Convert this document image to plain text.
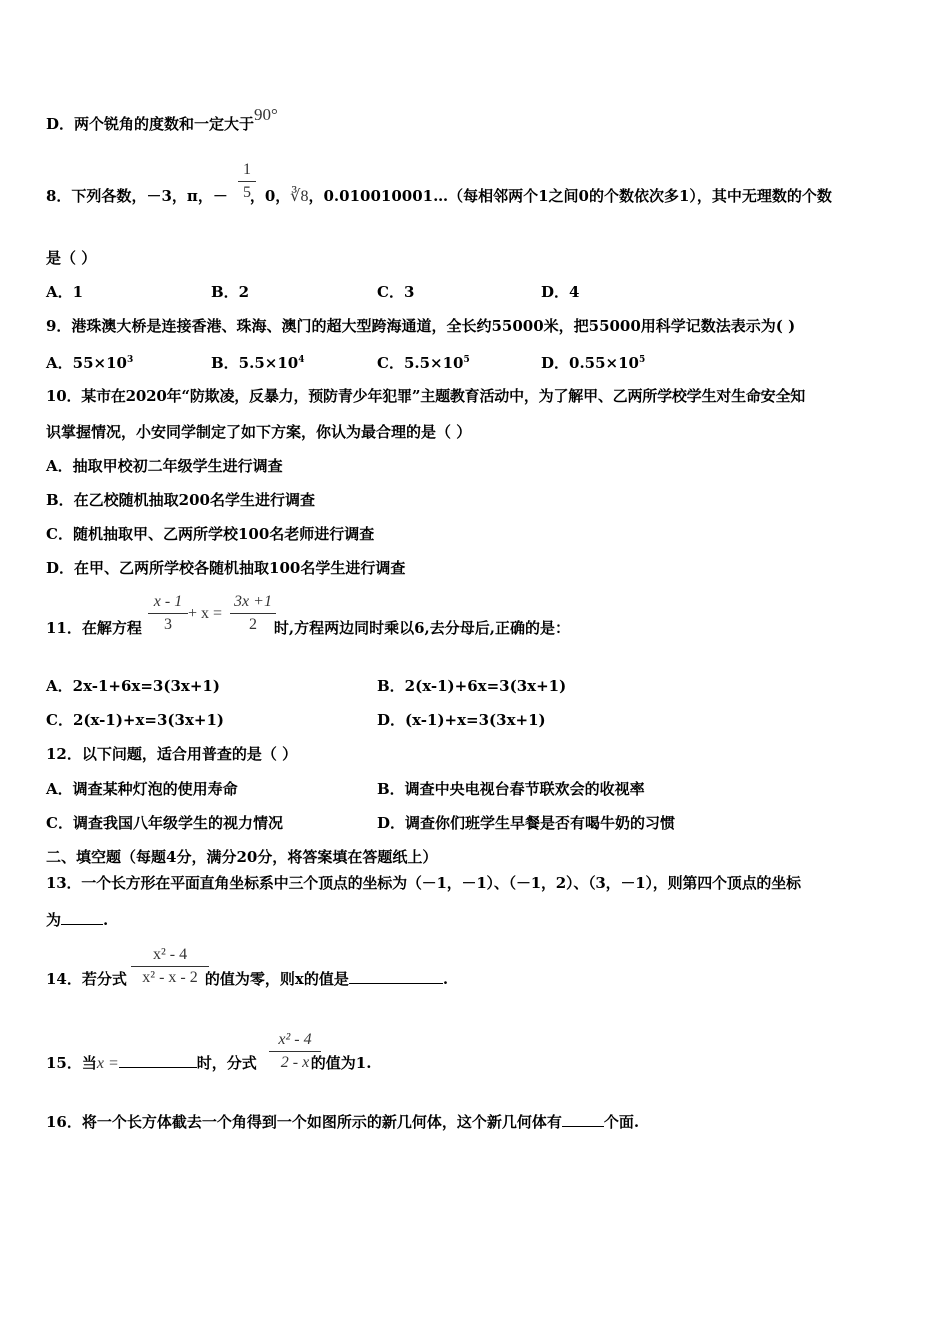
D．两个锐角的度数和一定大于90°
8．下列各数，－3，π，－ ，0，∛8，0.010010001…（每相邻两个1之间0的个数依次多1），其中无理数的个数
1
5
是（ ）
A．1	B．2	C．3	D．4
9．港珠澳大桥是连接香港、珠海、澳门的超大型跨海通道，全长约55000米，把55000用科学记数法表示为( )
A．$55\times 10^3$	B．$5.5\times 10^4$	C．$5.5\times 10^5$	D．$0.55\times 10^5$
10．某市在2020年“防欺凌，反暴力，预防青少年犯罪”主题教育活动中，为了解甲、乙两所学校学生对生命安全知
识掌握情况，小安同学制定了如下方案，你认为最合理的是（ ）
A．抽取甲校初二年级学生进行调查
B．在乙校随机抽取200名学生进行调查
C．随机抽取甲、乙两所学校100名老师进行调查
D．在甲、乙两所学校各随机抽取100名学生进行调查
11．在解方程	时,方程两边同时乘以6,去分母后,正确的是：
x - 1
3
+ x =
3x +1
2
A．2x-1+6x=3(3x+1)	B．2(x-1)+6x=3(3x+1)
C．2(x-1)+x=3(3x+1)	D．(x-1)+x=3(3x+1)
12．以下问题，适合用普查的是（ ）
A．调查某种灯泡的使用寿命	B．调查中央电视台春节联欢会的收视率
C．调查我国八年级学生的视力情况	D．调查你们班学生早餐是否有喝牛奶的习惯
二、填空题（每题4分，满分20分，将答案填在答题纸上）
13．一个长方形在平面直角坐标系中三个顶点的坐标为（－1，－1）、（－1，2）、（3，－1），则第四个顶点的坐标
为	.
14．若分式	的值为零，则x的值是	.
x² - 4
x² - x - 2
15．当x =	时，分式	的值为1.
x² - 4
2 - x
16．将一个长方体截去一个角得到一个如图所示的新几何体，这个新几何体有	个面.
